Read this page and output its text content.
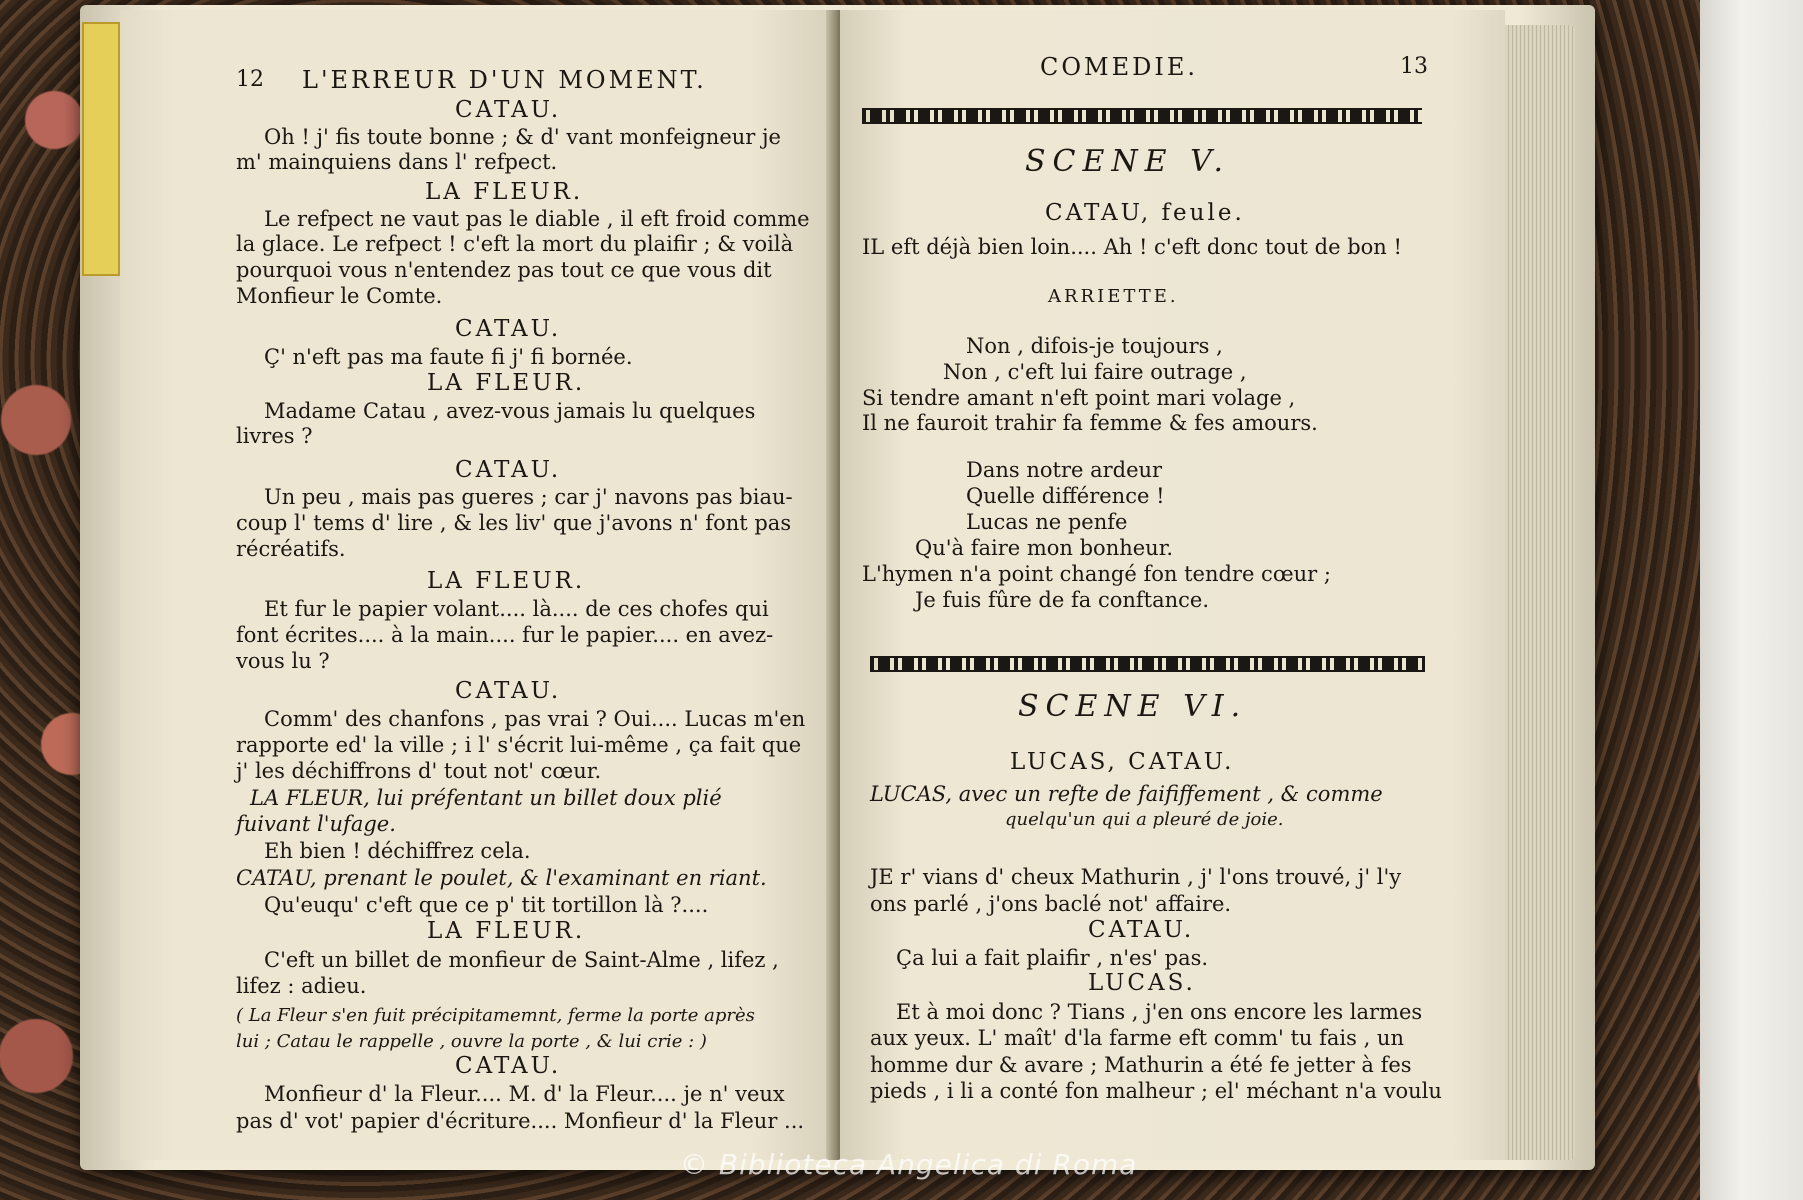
12 L'ERREUR D'UN MOMENT.
CATAU.
Oh ! j' fis toute bonne ; & d' vant monfeigneur je
m' mainquiens dans l' refpect.
LA FLEUR.
Le refpect ne vaut pas le diable , il eft froid comme
la glace. Le refpect ! c'eft la mort du plaifir ; & voilà
pourquoi vous n'entendez pas tout ce que vous dit
Monfieur le Comte.
CATAU.
Ç' n'eft pas ma faute fi j' fi bornée.
LA FLEUR.
Madame Catau , avez-vous jamais lu quelques
livres ?
CATAU.
Un peu , mais pas gueres ; car j' navons pas biau-
coup l' tems d' lire , & les liv' que j'avons n' font pas
récréatifs.
LA FLEUR.
Et fur le papier volant.... là.... de ces chofes qui
font écrites.... à la main.... fur le papier.... en avez-
vous lu ?
CATAU.
Comm' des chanfons , pas vrai ? Oui.... Lucas m'en
rapporte ed' la ville ; i l' s'écrit lui-même , ça fait que
j' les déchiffrons d' tout not' cœur.
LA FLEUR, lui préfentant un billet doux plié
fuivant l'ufage.
Eh bien ! déchiffrez cela.
CATAU, prenant le poulet, & l'examinant en riant.
Qu'euqu' c'eft que ce p' tit tortillon là ?....
LA FLEUR.
C'eft un billet de monfieur de Saint-Alme , lifez ,
lifez : adieu.
( La Fleur s'en fuit précipitamemnt, ferme la porte après
lui ; Catau le rappelle , ouvre la porte , & lui crie : )
CATAU.
Monfieur d' la Fleur.... M. d' la Fleur.... je n' veux
pas d' vot' papier d'écriture.... Monfieur d' la Fleur ...
COMEDIE.	13
SCENE V.
CATAU, feule.
IL eft déjà bien loin.... Ah ! c'eft donc tout de bon !
ARRIETTE.
Non , difois-je toujours ,
Non , c'eft lui faire outrage ,
Si tendre amant n'eft point mari volage ,
Il ne fauroit trahir fa femme & fes amours.
Dans notre ardeur
Quelle différence !
Lucas ne penfe
Qu'à faire mon bonheur.
L'hymen n'a point changé fon tendre cœur ;
Je fuis fûre de fa conftance.
SCENE VI.
LUCAS, CATAU.
LUCAS, avec un refte de faififfement , & comme
quelqu'un qui a pleuré de joie.
JE r' vians d' cheux Mathurin , j' l'ons trouvé, j' l'y
ons parlé , j'ons baclé not' affaire.
CATAU.
Ça lui a fait plaifir , n'es' pas.
LUCAS.
Et à moi donc ? Tians , j'en ons encore les larmes
aux yeux. L' maît' d'la farme eft comm' tu fais , un
homme dur & avare ; Mathurin a été fe jetter à fes
pieds , i li a conté fon malheur ; el' méchant n'a voulu
© Biblioteca Angelica di Roma
